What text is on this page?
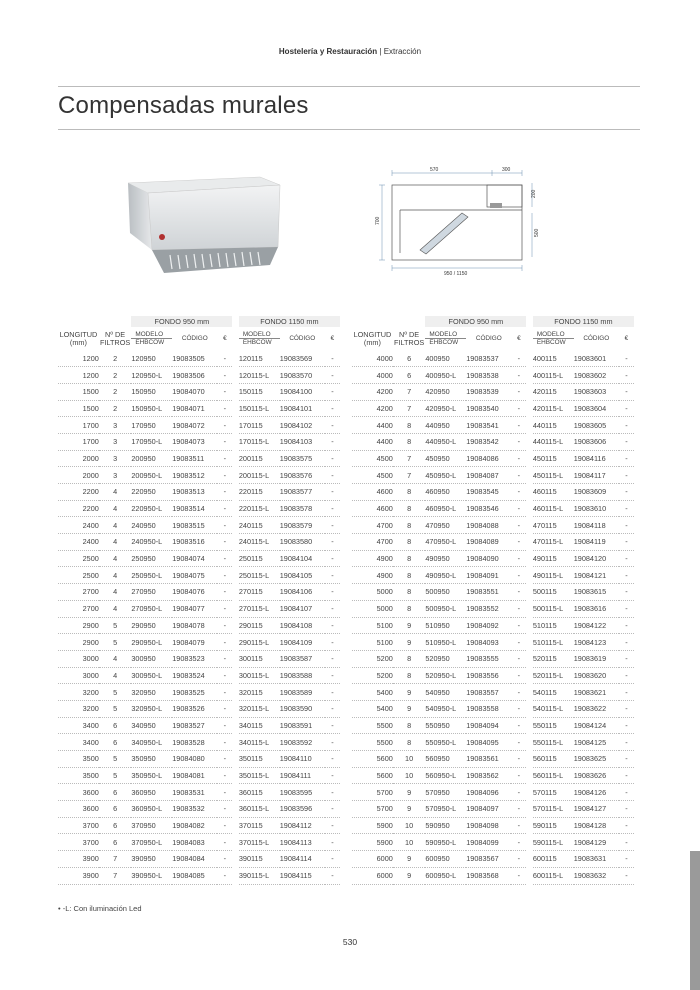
Hostelería y Restauración | Extracción
Compensadas murales
570	300
200
700
500
950 / 1150
		FONDO 950 mm				FONDO 1150 mm		
LONGITUD (mm)	Nº DE FILTROS	MODELO	CÓDIGO	€		MODELO	CÓDIGO	€
		EHBCOW				EHBCOW		
1200	2	120950	19083505	-		120115	19083569	-
1200	2	120950-L	19083506	-		120115-L	19083570	-
1500	2	150950	19084070	-		150115	19084100	-
1500	2	150950-L	19084071	-		150115-L	19084101	-
1700	3	170950	19084072	-		170115	19084102	-
1700	3	170950-L	19084073	-		170115-L	19084103	-
2000	3	200950	19083511	-		200115	19083575	-
2000	3	200950-L	19083512	-		200115-L	19083576	-
2200	4	220950	19083513	-		220115	19083577	-
2200	4	220950-L	19083514	-		220115-L	19083578	-
2400	4	240950	19083515	-		240115	19083579	-
2400	4	240950-L	19083516	-		240115-L	19083580	-
2500	4	250950	19084074	-		250115	19084104	-
2500	4	250950-L	19084075	-		250115-L	19084105	-
2700	4	270950	19084076	-		270115	19084106	-
2700	4	270950-L	19084077	-		270115-L	19084107	-
2900	5	290950	19084078	-		290115	19084108	-
2900	5	290950-L	19084079	-		290115-L	19084109	-
3000	4	300950	19083523	-		300115	19083587	-
3000	4	300950-L	19083524	-		300115-L	19083588	-
3200	5	320950	19083525	-		320115	19083589	-
3200	5	320950-L	19083526	-		320115-L	19083590	-
3400	6	340950	19083527	-		340115	19083591	-
3400	6	340950-L	19083528	-		340115-L	19083592	-
3500	5	350950	19084080	-		350115	19084110	-
3500	5	350950-L	19084081	-		350115-L	19084111	-
3600	6	360950	19083531	-		360115	19083595	-
3600	6	360950-L	19083532	-		360115-L	19083596	-
3700	6	370950	19084082	-		370115	19084112	-
3700	6	370950-L	19084083	-		370115-L	19084113	-
3900	7	390950	19084084	-		390115	19084114	-
3900	7	390950-L	19084085	-		390115-L	19084115	-
		FONDO 950 mm				FONDO 1150 mm		
LONGITUD (mm)	Nº DE FILTROS	MODELO	CÓDIGO	€		MODELO	CÓDIGO	€
		EHBCOW				EHBCOW		
4000	6	400950	19083537	-		400115	19083601	-
4000	6	400950-L	19083538	-		400115-L	19083602	-
4200	7	420950	19083539	-		420115	19083603	-
4200	7	420950-L	19083540	-		420115-L	19083604	-
4400	8	440950	19083541	-		440115	19083605	-
4400	8	440950-L	19083542	-		440115-L	19083606	-
4500	7	450950	19084086	-		450115	19084116	-
4500	7	450950-L	19084087	-		450115-L	19084117	-
4600	8	460950	19083545	-		460115	19083609	-
4600	8	460950-L	19083546	-		460115-L	19083610	-
4700	8	470950	19084088	-		470115	19084118	-
4700	8	470950-L	19084089	-		470115-L	19084119	-
4900	8	490950	19084090	-		490115	19084120	-
4900	8	490950-L	19084091	-		490115-L	19084121	-
5000	8	500950	19083551	-		500115	19083615	-
5000	8	500950-L	19083552	-		500115-L	19083616	-
5100	9	510950	19084092	-		510115	19084122	-
5100	9	510950-L	19084093	-		510115-L	19084123	-
5200	8	520950	19083555	-		520115	19083619	-
5200	8	520950-L	19083556	-		520115-L	19083620	-
5400	9	540950	19083557	-		540115	19083621	-
5400	9	540950-L	19083558	-		540115-L	19083622	-
5500	8	550950	19084094	-		550115	19084124	-
5500	8	550950-L	19084095	-		550115-L	19084125	-
5600	10	560950	19083561	-		560115	19083625	-
5600	10	560950-L	19083562	-		560115-L	19083626	-
5700	9	570950	19084096	-		570115	19084126	-
5700	9	570950-L	19084097	-		570115-L	19084127	-
5900	10	590950	19084098	-		590115	19084128	-
5900	10	590950-L	19084099	-		590115-L	19084129	-
6000	9	600950	19083567	-		600115	19083631	-
6000	9	600950-L	19083568	-		600115-L	19083632	-
• -L: Con iluminación Led
530
